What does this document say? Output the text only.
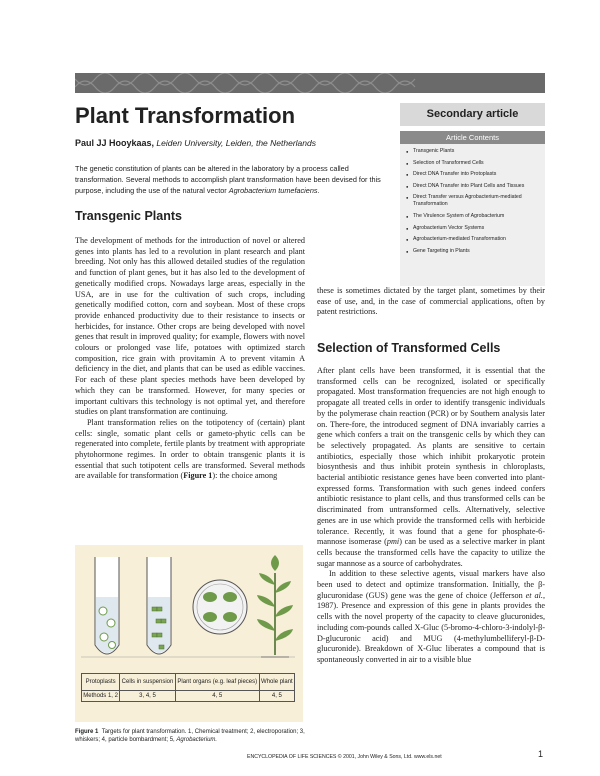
Plant Transformation
Paul JJ Hooykaas, Leiden University, Leiden, the Netherlands
The genetic constitution of plants can be altered in the laboratory by a process called transformation. Several methods to accomplish plant transformation have been devised for this purpose, including the use of the natural vector Agrobacterium tumefaciens.
Secondary article
Article Contents
● Transgenic Plants
● Selection of Transformed Cells
● Direct DNA Transfer into Protoplasts
● Direct DNA Transfer into Plant Cells and Tissues
● Direct Transfer versus Agrobacterium-mediated Transformation
● The Virulence System of Agrobacterium
● Agrobacterium Vector Systems
● Agrobacterium-mediated Transformation
● Gene Targeting in Plants
Transgenic Plants

The development of methods for the introduction of novel or altered genes into plants has led to a revolution in plant research and plant breeding. Not only has this allowed detailed studies of the regulation and function of plant genes, but it has also led to the development of genetically modified crops. Nowadays large areas, especially in the USA, are in use for the cultivation of such crops, including genetically modified cotton, corn and soybean. Most of these crops provide enhanced productivity due to their resistance to insects or herbicides, for instance. Other crops are being developed with novel genes that result in improved quality; for example, flowers with novel colours or prolonged vase life, potatoes with optimized starch composition, rice grain with provitamin A to prevent vitamin A deficiency in the diet, and plants that can be used as edible vaccines. For each of these plant species methods have been developed by which they can be transformed. However, for many species or important cultivars this technology is not optimal yet, and therefore studies on plant transformation are continuing.

Plant transformation relies on the totipotency of (certain) plant cells: single, somatic plant cells or gameto-phytic cells can be regenerated into complete, fertile plants by treatment with appropriate phytohormone regimes. In order to obtain transgenic plants it is essential that such totipotent cells are transformed. Several methods are available for transformation (Figure 1): the choice among

these is sometimes dictated by the target plant, sometimes by their ease of use, and, in the case of commercial applications, often by patent restrictions.

Selection of Transformed Cells

After plant cells have been transformed, it is essential that the transformed cells can be recognized, isolated or specifically propagated. Most transformation frequencies are not high enough to propagate all treated cells in order to identify transgenic individuals by the polymerase chain reaction (PCR) or by Southern analysis later on. There-fore, the introduced segment of DNA invariably carries a gene which confers a trait on the transgenic cells by which they can be selectively propagated. As plants are sensitive to certain antibiotics, especially those which inhibit prokaryotic protein biosynthesis and thus inhibit protein synthesis in chloroplasts, bacterial antibiotic resistance genes have been converted into plant-expressed forms. Transformation with such genes indeed confers antibiotic resistance to plant cells, and thus transformed cells can be discriminated from untransformed cells. Alternatively, selective genes are in use which provide the transformed cells with herbicide tolerance. Recently, it was found that a gene for phosphate-6-mannose isomerase (pmi) can be used as a selective marker in plant cells because the transformed cells have the capacity to utilize the sugar mannose as a source of carbohydrates.

In addition to these selective agents, visual markers have also been used to detect and optimize transformation. Initially, the β-glucuronidase (GUS) gene was the gene of choice (Jefferson et al., 1987). Presence and expression of this gene in plants provides the cells with the novel property of the capacity to cleave glucuronides, including com-pounds called X-Gluc (5-bromo-4-chloro-3-indolyl-β-D-glucuronic acid) and MUG (4-methylumbelliferyl-β-D-glucuronide). Breakdown of X-Gluc liberates a compound that is spontaneously converted in air to a visible blue

Protoplasts	Cells in suspension	Plant organs (e.g. leaf pieces)	Whole plant
Methods 1, 2	3, 4, 5	4, 5	4, 5
Figure 1 Targets for plant transformation. 1, Chemical treatment; 2, electroporation; 3, whiskers; 4, particle bombardment; 5, Agrobacterium.
ENCYCLOPEDIA OF LIFE SCIENCES © 2001, John Wiley & Sons, Ltd. www.els.net	1
